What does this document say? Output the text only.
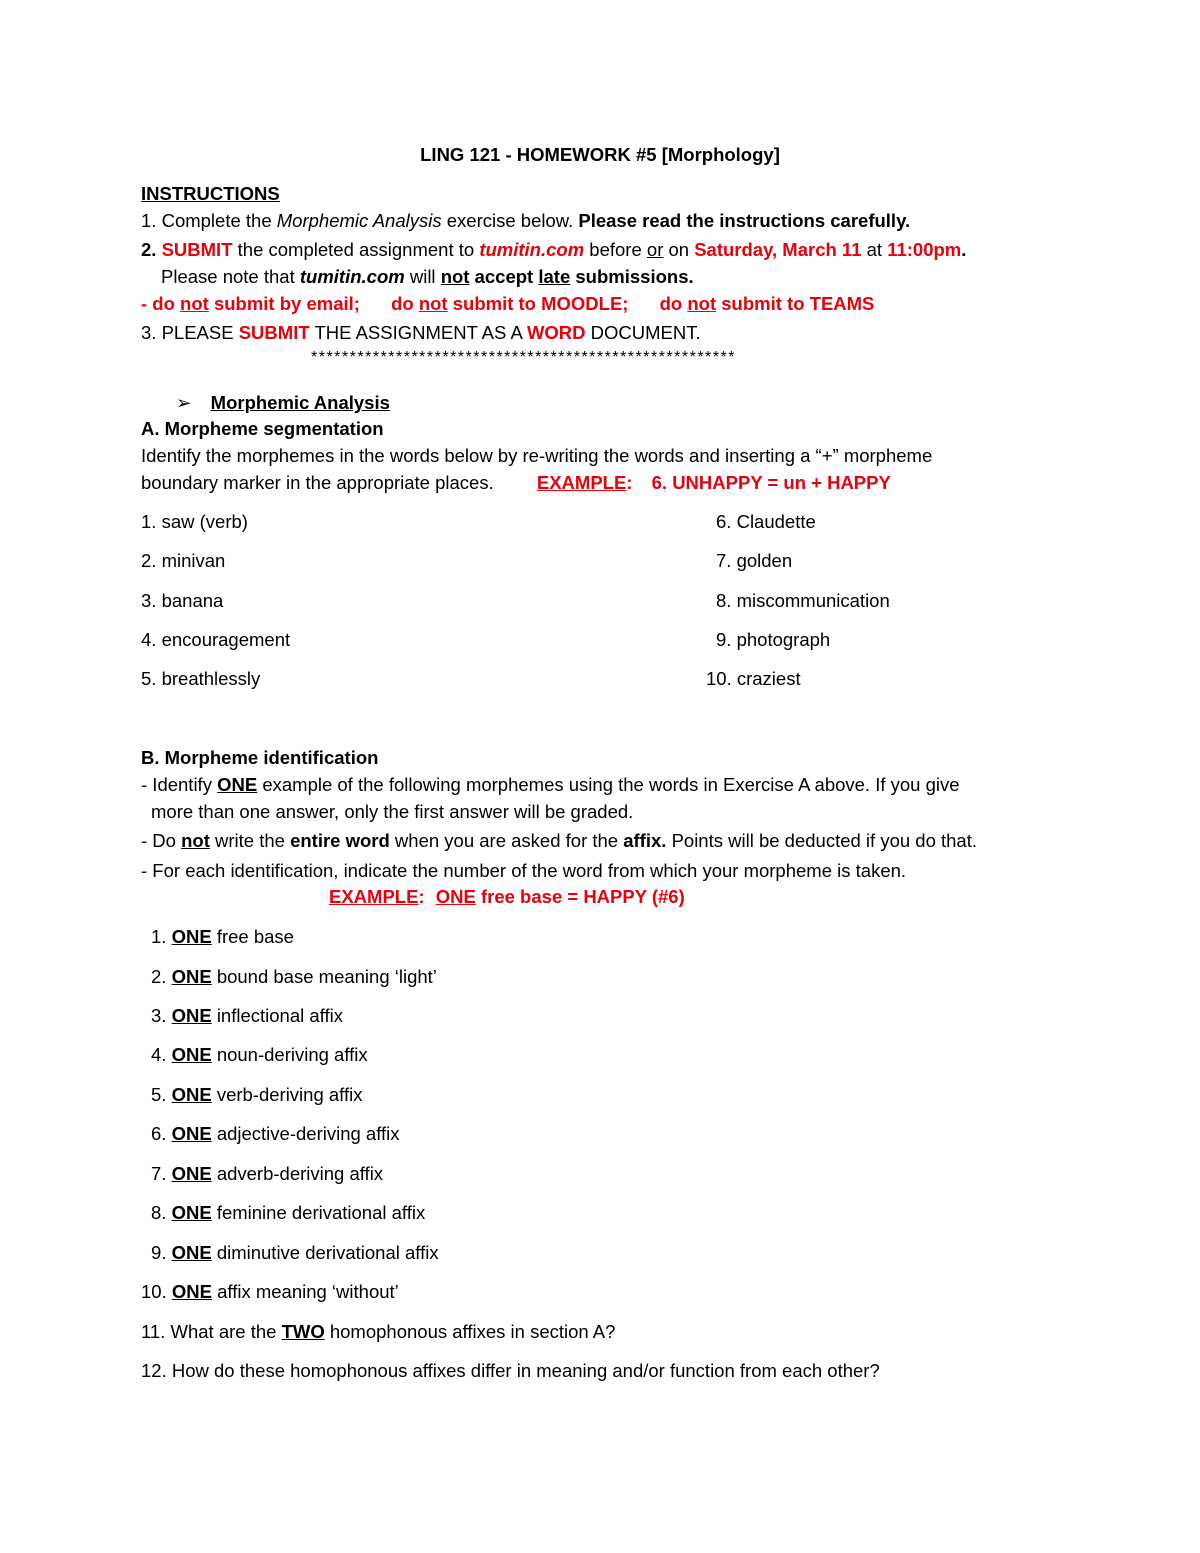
LING 121 - HOMEWORK #5 [Morphology]
INSTRUCTIONS
1. Complete the Morphemic Analysis exercise below. Please read the instructions carefully.
2. SUBMIT the completed assignment to tumitin.com before or on Saturday, March 11 at 11:00pm.
Please note that tumitin.com will not accept late submissions.
- do not submit by email; do not submit to MOODLE; do not submit to TEAMS
3. PLEASE SUBMIT THE ASSIGNMENT AS A WORD DOCUMENT.
*******************************************************
➢ Morphemic Analysis
A. Morpheme segmentation
Identify the morphemes in the words below by re-writing the words and inserting a “+” morpheme
boundary marker in the appropriate places. EXAMPLE: 6. UNHAPPY = un + HAPPY
1. saw (verb)
2. minivan
3. banana
4. encouragement
5. breathlessly
6. Claudette
7. golden
8. miscommunication
9. photograph
10. craziest
B. Morpheme identification
- Identify ONE example of the following morphemes using the words in Exercise A above. If you give
more than one answer, only the first answer will be graded.
- Do not write the entire word when you are asked for the affix. Points will be deducted if you do that.
- For each identification, indicate the number of the word from which your morpheme is taken.
EXAMPLE: ONE free base = HAPPY (#6)
1. ONE free base
2. ONE bound base meaning ‘light’
3. ONE inflectional affix
4. ONE noun-deriving affix
5. ONE verb-deriving affix
6. ONE adjective-deriving affix
7. ONE adverb-deriving affix
8. ONE feminine derivational affix
9. ONE diminutive derivational affix
10. ONE affix meaning ‘without’
11. What are the TWO homophonous affixes in section A?
12. How do these homophonous affixes differ in meaning and/or function from each other?
